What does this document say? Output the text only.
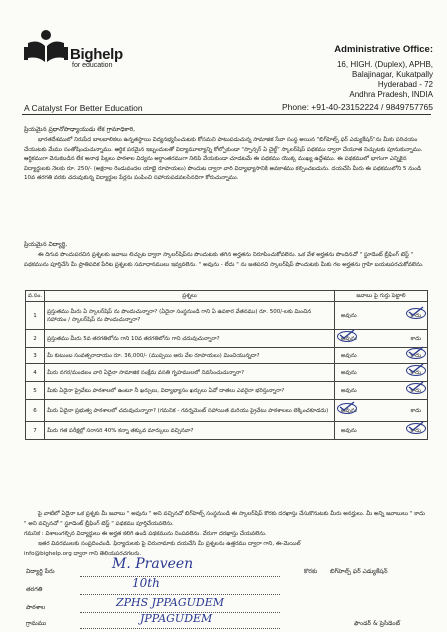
Bighelp
for education
A Catalyst For Better Education
Administrative Office:
16, HIGH. (Duplex), APHB,
Balajinagar, Kukatpally
Hyderabad - 72
Andhra Pradesh, INDIA
Phone: +91-40-23152224 / 9849757765
ప్రియమైన ప్రధానోపాధ్యాయుడు లేక గ్రామాధికారి,
భారతదేశములో నిరుపేద బాలబాలికలు ఉన్నతస్థాయి విద్యనభ్యసించుటకు కోసమని పాటుపడుచున్న సామాజిక సేవా సంస్థ అయిన "బిగ్‌హెల్ప్ ఫర్ ఎడ్యుకేషన్"ను మీకు పరిచయం చేయుటకు మేము సంతోషించుచున్నాము. ఆర్థిక పరమైన ఇబ్బందులతో విద్యామూల్యాన్ని కోల్పోకుండా "స్పాన్సర్ ఏ చైల్డ్" స్కాలర్‌షిప్ పథకము ద్వారా చేయూత నిచ్చుటకు పూనుకున్నాము. ఆర్థికముగా వెనుకబడిన లేక అనాథ పిల్లలు పాఠశాల విద్యను అర్థాంతరముగా నిలిపి వేయకుండా చూడటమే ఈ పథకము యొక్క ముఖ్య ఉద్దేశము. ఈ పథకములో భాగంగా ఎన్నికైన విద్యార్థులకు నెలకు రూ. 250/- (అక్షరాల రెండువందల యాభై రూపాయలు) పొందుట ద్వారా వారి విద్యాభ్యాసానికి అవకాశము కల్పించబడును. దయచేసి మీరు ఈ పథకములోని 5 నుండి 10వ తరగతి వరకు చదువుకున్న విద్యార్థుల పేర్లను పంపించి సహాయపడవలసినదిగా కోరుచున్నాము.
ప్రియమైన విద్యార్థి,
ఈ దిగువ పొందుపరచిన ప్రశ్నలకు జవాబు లిచ్చుట ద్వారా స్కాలర్‌షిప్‌ను పొందుటకు తగిన అర్హతను నిరూపించుకోవలెను. ఒక వేళ అర్హతను పొందినచో " స్టూడెంట్ బ్రీఫింగ్ టెస్ట్ " పథకమును పూర్తిచేసి మీ ప్రాతిపదిక పేరిట ప్రశ్నలకు సమాధానములు ఇవ్వవలెను. " అవును - లేదు " ను జతపరచి స్కాలర్‌షిప్ పొందుటకు మీకు గల అర్హతను గ్రాహి బయటపరచుకోవలెను.
వ.సం.	ప్రశ్నలు	జవాబు పై గుర్తు పెట్టాలి
1	ప్రస్తుతము మీరు ఏ స్కాలర్‌షిప్ ను పొందుచున్నారా? (ఏదైనా సంస్థనుండి గాని ఏ ఉపకార వేతనము) రూ. 500/-లకు మించిన సహాయం / స్కాలర్‌షిప్ ను పొందుచున్నారా?	అవును కాదు

2	ప్రస్తుతము మీరు 5వ తరగతిలోను గాని 10వ తరగతిలోను గాని చదువుచున్నారా?	అవును కాదు

3	మీ కుటుంబ సంవత్సరాదాయం రూ. 36,000/- (ముప్పయి ఆరు వేల రూపాయలు) మించియున్నదా?	అవును కాదు

4	మీరు నగర/మండలం వారి ఏదైనా సామాజిక సంక్షేమ వసతి గృహములలో నివసించుచున్నారా?	అవును కాదు

5	మీకు ఏదైనా ప్రైవేటు పాఠశాలలో ఉంటూ నీ ఖర్చులు, విద్యాభ్యాసం ఖర్చులు ఏవో దాతలు ఎవరైనా భరిస్తున్నారా?	అవును కాదు

6	మీరు ఏదైనా ప్రభుత్వ పాఠశాలలో చదువుచున్నారా? (గమనిక - గవర్నమెంట్ సహాయిత మరియు ప్రైవేటు పాఠశాలలు లెక్కించకూడదు)	అవును కాదు

7	మీరు గత పరీక్షల్లో సరాసరి 40% కన్నా తక్కువ మార్కులు వచ్చినవా?	అవును కాదు
పై వాటిలో ఏదైనా ఒక ప్రశ్నకు మీ జవాబు " అవును " అని వచ్చినచో బిగ్‌హెల్ప్ సంస్థనుండి ఈ స్కాలర్‌షిప్ కొరకు దరఖాస్తు చేసుకొనుటకు మీరు అనర్హులు. మీ అన్ని జవాబులు " కాదు " అని వచ్చినచో " స్టూడెంట్ బ్రీఫింగ్ టెస్ట్ " పథకము పూర్తిచేయవలెను.
గమనిక : విశాలంగల్చిన విద్యార్థులు ఈ అర్హత కలిగి ఉండి పథకమును నింపవలెను. వేరుగా దరఖాస్తు చేయవలెను.
ఇతర వివరములకు సంప్రదించండి. ఫిర్యాదులకు పై చిరునామాకు దయచేసి మీ ప్రశ్నలను ఉత్తరము ద్వారా గాని, ఈ-మెయిల్
info@bighelp.org ద్వారా గాని తెలియపరచగలరు.
విద్యార్థి పేరు	M. Praveen
తరగతి	10th
పాఠశాల	ZPHS JPPAGUDEM
గ్రామము	JPPAGUDEM
కొరకు బిగ్‌హెల్ప్ ఫర్ ఎడ్యుకేషన్
ఫౌండర్ & ప్రెసిడెంట్
